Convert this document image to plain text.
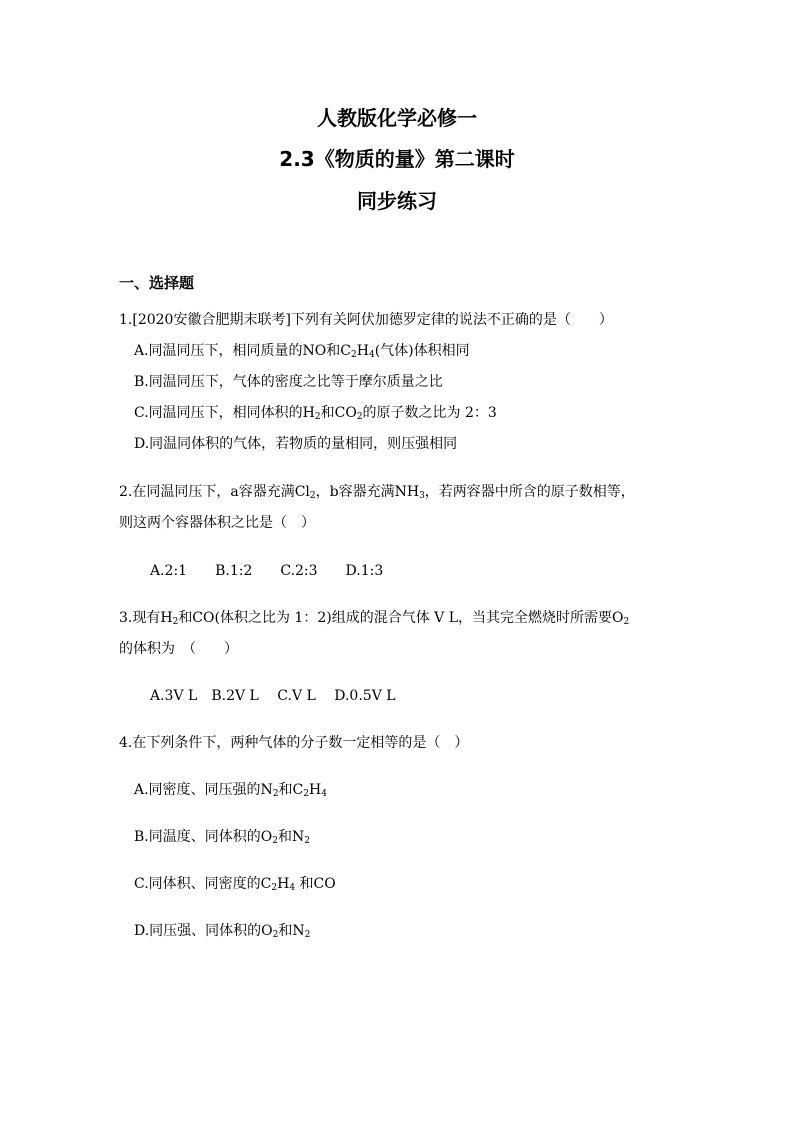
人教版化学必修一
2.3《物质的量》第二课时
同步练习
一、选择题
1.[2020安徽合肥期末联考]下列有关阿伏加德罗定律的说法不正确的是（　　）
A.同温同压下，相同质量的NO和$C_2H_4$(气体)体积相同
B.同温同压下，气体的密度之比等于摩尔质量之比
C.同温同压下，相同体积的$H_2$和$CO_2$的原子数之比为 2：3
D.同温同体积的气体，若物质的量相同，则压强相同
2.在同温同压下，a容器充满$Cl_2$，b容器充满$NH_3$，若两容器中所含的原子数相等，
则这两个容器体积之比是（　）
A.2:1　　B.1:2　　C.2:3　　D.1:3
3.现有$H_2$和CO(体积之比为 1：2)组成的混合气体 V L，当其完全燃烧时所需要$O_2$
的体积为　（　　）
A.3V L　B.2V L　 C.V L　 D.0.5V L
4.在下列条件下，两种气体的分子数一定相等的是（　）
A.同密度、同压强的$N_2$和$C_2H_4$
B.同温度、同体积的$O_2$和$N_2$
C.同体积、同密度的$C_2H_4$ 和CO
D.同压强、同体积的$O_2$和$N_2$
